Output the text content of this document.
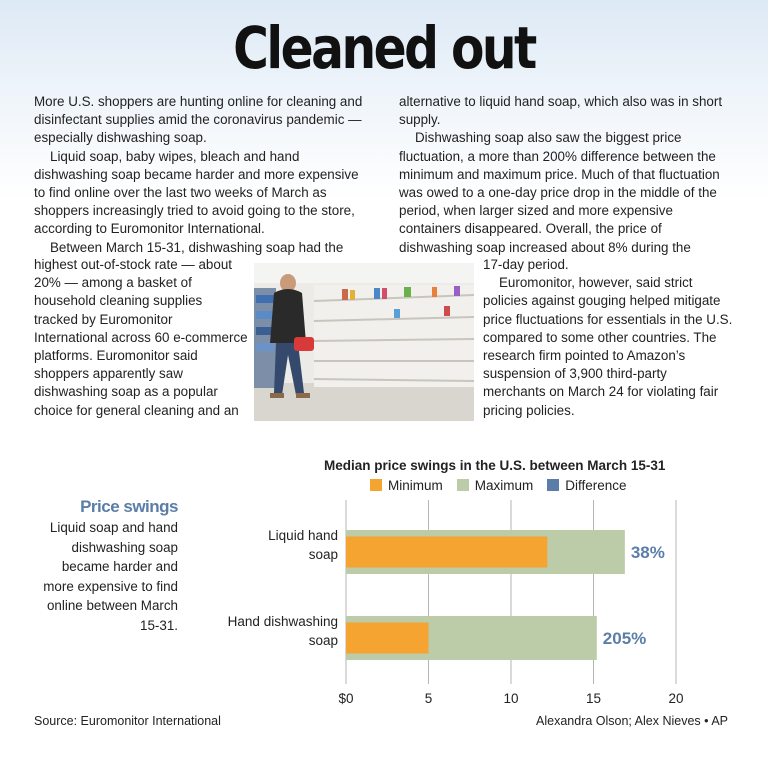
Cleaned out

More U.S. shoppers are hunting online for cleaning and disinfectant supplies amid the coronavirus pandemic — especially dishwashing soap.

Liquid soap, baby wipes, bleach and hand dishwashing soap became harder and more expensive to find online over the last two weeks of March as shoppers increasingly tried to avoid going to the store, according to Euromonitor International.

Between March 15-31, dishwashing soap had the

highest out-of-stock rate — about 20% — among a basket of household cleaning supplies tracked by Euromonitor International across 60 e-commerce platforms. Euromonitor said shoppers apparently saw dishwashing soap as a popular choice for general cleaning and an

alternative to liquid hand soap, which also was in short supply.

Dishwashing soap also saw the biggest price fluctuation, a more than 200% difference between the minimum and maximum price. Much of that fluctuation was owed to a one-day price drop in the middle of the period, when larger sized and more expensive containers disappeared. Overall, the price of dishwashing soap increased about 8% during the

17-day period.

Euromonitor, however, said strict policies against gouging helped mitigate price fluctuations for essentials in the U.S. compared to some other countries. The research firm pointed to Amazon’s suspension of 3,900 third-party merchants on March 24 for violating fair pricing policies.

Price swings
Liquid soap and hand dishwashing soap became harder and more expensive to find online between March 15-31.
Median price swings in the U.S. between March 15-31
Minimum	Maximum	Difference
$0	5	10	15	20
38%
Liquid hand
soap
205%
Hand dishwashing
soap
Source: Euromonitor International	Alexandra Olson; Alex Nieves • AP
